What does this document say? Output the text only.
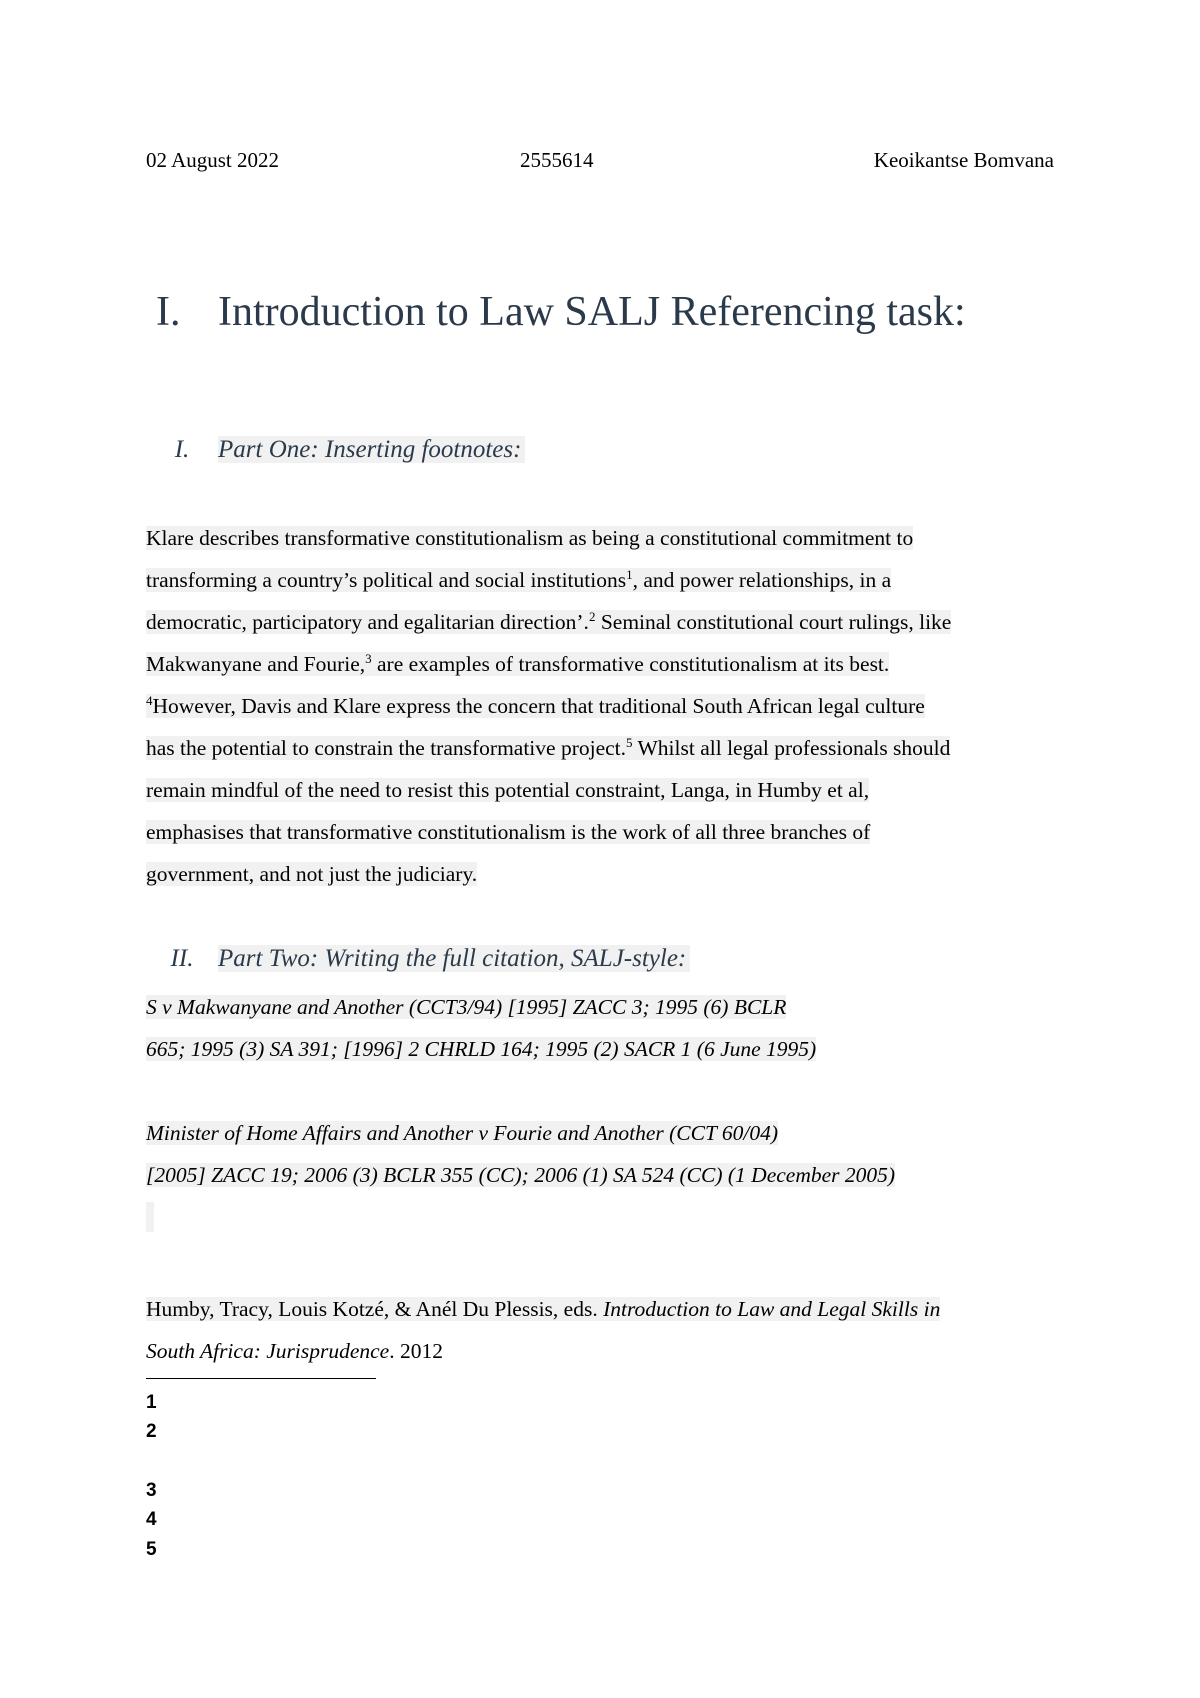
02 August 2022	2555614	Keoikantse Bomvana
I. Introduction to Law SALJ Referencing task:
I. Part One: Inserting footnotes:
Klare describes transformative constitutionalism as being a constitutional commitment to
transforming a country’s political and social institutions$^1$, and power relationships, in a
democratic, participatory and egalitarian direction’.$^2$ Seminal constitutional court rulings, like
Makwanyane and Fourie,$^3$ are examples of transformative constitutionalism at its best.
$^4$However, Davis and Klare express the concern that traditional South African legal culture
has the potential to constrain the transformative project.$^5$ Whilst all legal professionals should
remain mindful of the need to resist this potential constraint, Langa, in Humby et al,
emphasises that transformative constitutionalism is the work of all three branches of
government, and not just the judiciary.
II. Part Two: Writing the full citation, SALJ-style:
S v Makwanyane and Another (CCT3/94) [1995] ZACC 3; 1995 (6) BCLR
665; 1995 (3) SA 391; [1996] 2 CHRLD 164; 1995 (2) SACR 1 (6 June 1995)
Minister of Home Affairs and Another v Fourie and Another (CCT 60/04)
[2005] ZACC 19; 2006 (3) BCLR 355 (CC); 2006 (1) SA 524 (CC) (1 December 2005)
Humby, Tracy, Louis Kotzé, & Anél Du Plessis, eds. Introduction to Law and Legal Skills in
South Africa: Jurisprudence. 2012
1
2
3
4
5
